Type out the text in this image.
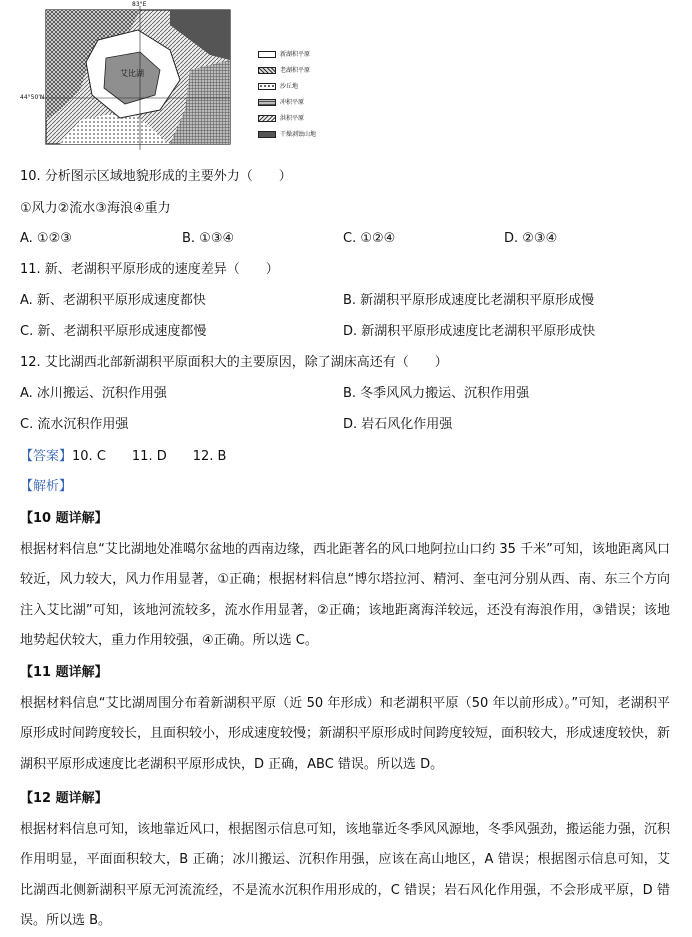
83°E
44°50'N
艾比湖
新湖积平原
老湖积平原
沙丘地
冲积平原
洪积平原
干燥剥蚀山地
10. 分析图示区域地貌形成的主要外力（　　）
①风力②流水③海浪④重力
A. ①②③	B. ①③④	C. ①②④	D. ②③④
11. 新、老湖积平原形成的速度差异（　　）
A. 新、老湖积平原形成速度都快	B. 新湖积平原形成速度比老湖积平原形成慢
C. 新、老湖积平原形成速度都慢	D. 新湖积平原形成速度比老湖积平原形成快
12. 艾比湖西北部新湖积平原面积大的主要原因，除了湖床高还有（　　）
A. 冰川搬运、沉积作用强	B. 冬季风风力搬运、沉积作用强
C. 流水沉积作用强	D. 岩石风化作用强
【答案】10. C　　11. D　　12. B
【解析】
【10 题详解】
根据材料信息“艾比湖地处准噶尔盆地的西南边缘，西北距著名的风口地阿拉山口约 35 千米”可知，该地距离风口较近，风力较大，风力作用显著，①正确；根据材料信息“博尔塔拉河、精河、奎屯河分别从西、南、东三个方向注入艾比湖”可知，该地河流较多，流水作用显著，②正确；该地距离海洋较远，还没有海浪作用，③错误；该地地势起伏较大，重力作用较强，④正确。所以选 C。
【11 题详解】
根据材料信息“艾比湖周围分布着新湖积平原（近 50 年形成）和老湖积平原（50 年以前形成）。”可知，老湖积平原形成时间跨度较长，且面积较小，形成速度较慢；新湖积平原形成时间跨度较短，面积较大，形成速度较快，新湖积平原形成速度比老湖积平原形成快，D 正确，ABC 错误。所以选 D。
【12 题详解】
根据材料信息可知，该地靠近风口，根据图示信息可知，该地靠近冬季风风源地，冬季风强劲，搬运能力强，沉积作用明显，平面面积较大，B 正确；冰川搬运、沉积作用强，应该在高山地区，A 错误；根据图示信息可知，艾比湖西北侧新湖积平原无河流流经，不是流水沉积作用形成的，C 错误；岩石风化作用强，不会形成平原，D 错误。所以选 B。
